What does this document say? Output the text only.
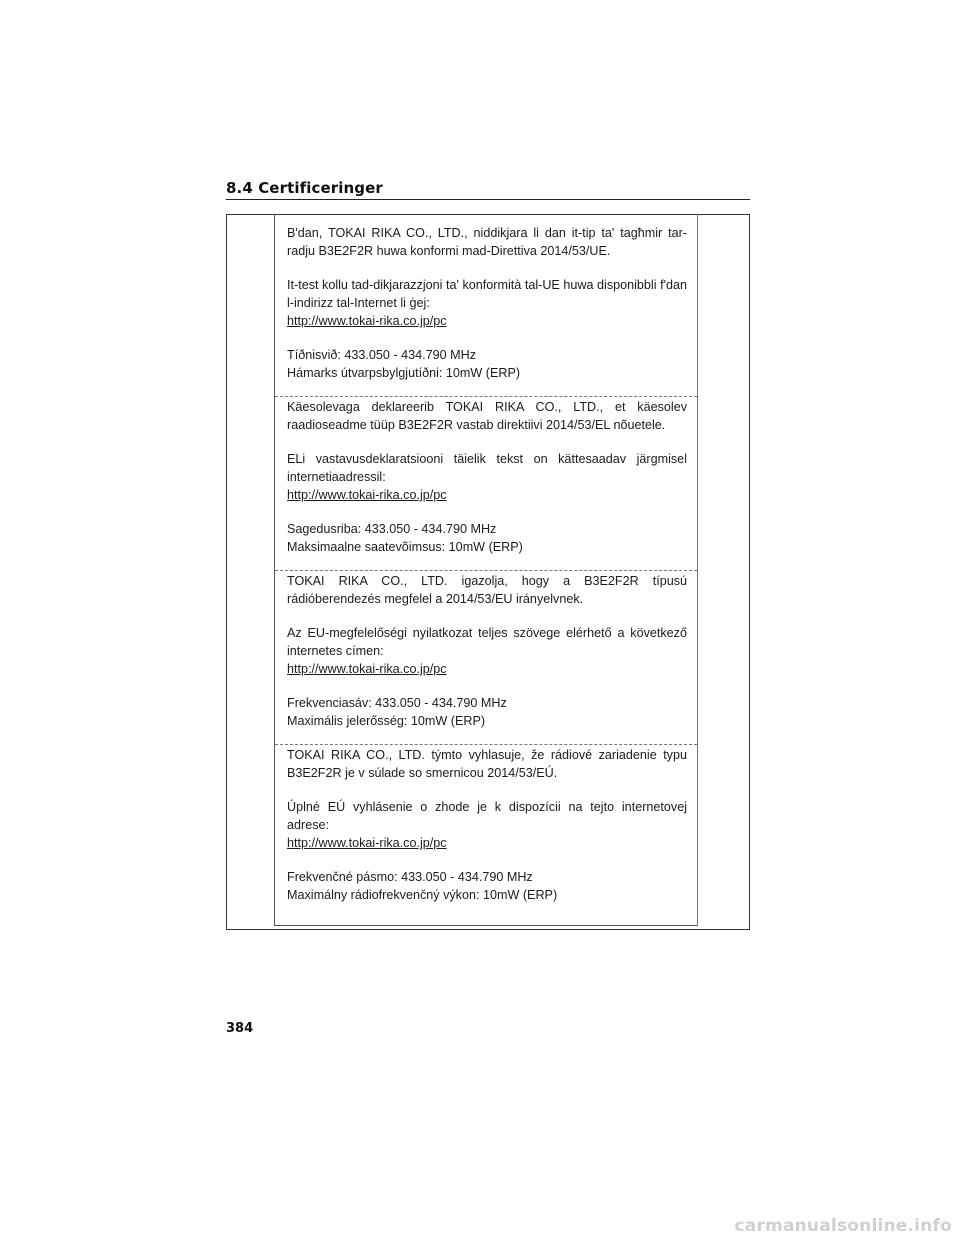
8.4 Certificeringer

B'dan, TOKAI RIKA CO., LTD., niddikjara li dan it-tip ta' tagħmir tar-radju B3E2F2R huwa konformi mad-Direttiva 2014/53/UE.

It-test kollu tad-dikjarazzjoni ta' konformità tal-UE huwa disponibbli f'dan l-indirizz tal-Internet li ġej:

http://www.tokai-rika.co.jp/pc

Tíðnisvið: 433.050 - 434.790 MHz

Hámarks útvarpsbylgjutíðni: 10mW (ERP)

Käesolevaga deklareerib TOKAI RIKA CO., LTD., et käesolev raadioseadme tüüp B3E2F2R vastab direktiivi 2014/53/EL nõuetele.

ELi vastavusdeklaratsiooni täielik tekst on kättesaadav järgmisel internetiaadressil:

http://www.tokai-rika.co.jp/pc

Sagedusriba: 433.050 - 434.790 MHz

Maksimaalne saatevõimsus: 10mW (ERP)

TOKAI RIKA CO., LTD. igazolja, hogy a B3E2F2R típusú rádióberendezés megfelel a 2014/53/EU irányelvnek.

Az EU-megfelelőségi nyilatkozat teljes szövege elérhető a következő internetes címen:

http://www.tokai-rika.co.jp/pc

Frekvenciasáv: 433.050 - 434.790 MHz

Maximális jelerősség: 10mW (ERP)

TOKAI RIKA CO., LTD. týmto vyhlasuje, že rádiové zariadenie typu B3E2F2R je v súlade so smernicou 2014/53/EÚ.

Úplné EÚ vyhlásenie o zhode je k dispozícii na tejto internetovej adrese:

http://www.tokai-rika.co.jp/pc

Frekvenčné pásmo: 433.050 - 434.790 MHz

Maximálny rádiofrekvenčný výkon: 10mW (ERP)

384
carmanualsonline.info
